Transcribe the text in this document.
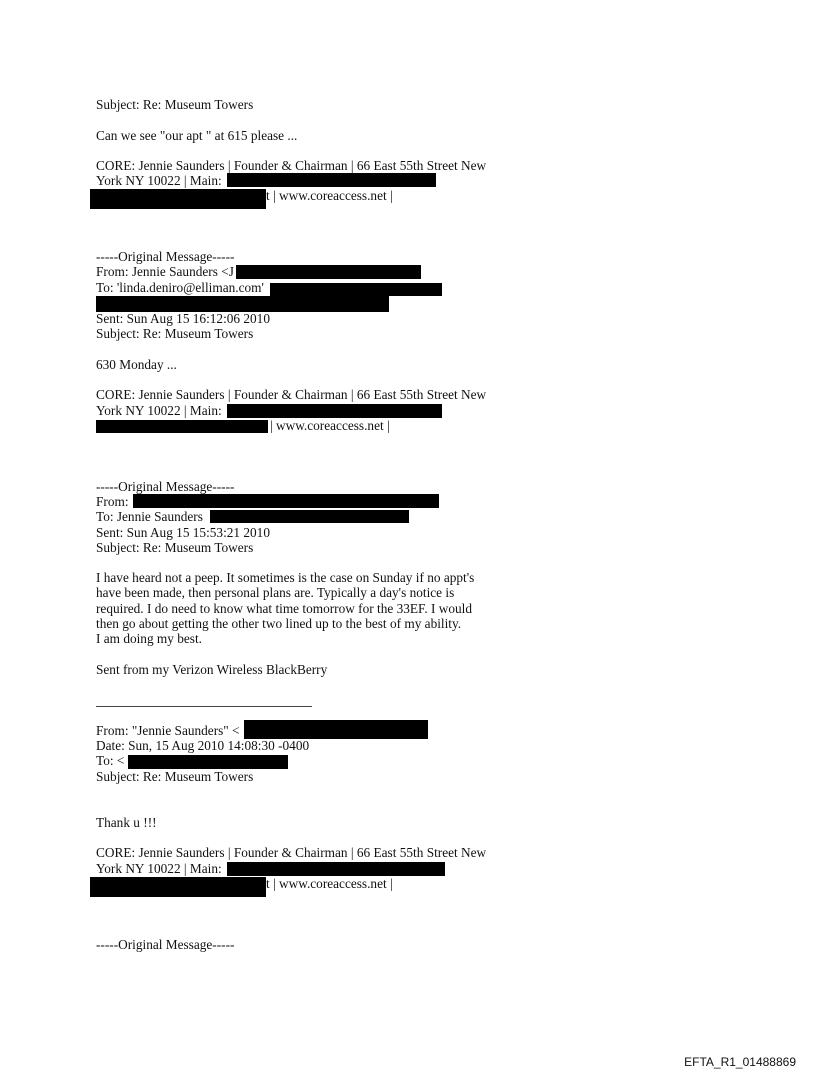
Subject: Re: Museum Towers
Can we see "our apt " at 615 please ...
CORE: Jennie Saunders | Founder & Chairman | 66 East 55th Street New
York NY 10022 | Main:
t | www.coreaccess.net |
-----Original Message-----
From: Jennie Saunders <J
To: 'linda.deniro@elliman.com'
Sent: Sun Aug 15 16:12:06 2010
Subject: Re: Museum Towers
630 Monday ...
CORE: Jennie Saunders | Founder & Chairman | 66 East 55th Street New
York NY 10022 | Main:
| www.coreaccess.net |
-----Original Message-----
From:
To: Jennie Saunders
Sent: Sun Aug 15 15:53:21 2010
Subject: Re: Museum Towers
I have heard not a peep. It sometimes is the case on Sunday if no appt's
have been made, then personal plans are. Typically a day's notice is
required. I do need to know what time tomorrow for the 33EF. I would
then go about getting the other two lined up to the best of my ability.
I am doing my best.
Sent from my Verizon Wireless BlackBerry
From: "Jennie Saunders" <
Date: Sun, 15 Aug 2010 14:08:30 -0400
To: <
Subject: Re: Museum Towers
Thank u !!!
CORE: Jennie Saunders | Founder & Chairman | 66 East 55th Street New
York NY 10022 | Main:
t | www.coreaccess.net |
-----Original Message-----
EFTA_R1_01488869
